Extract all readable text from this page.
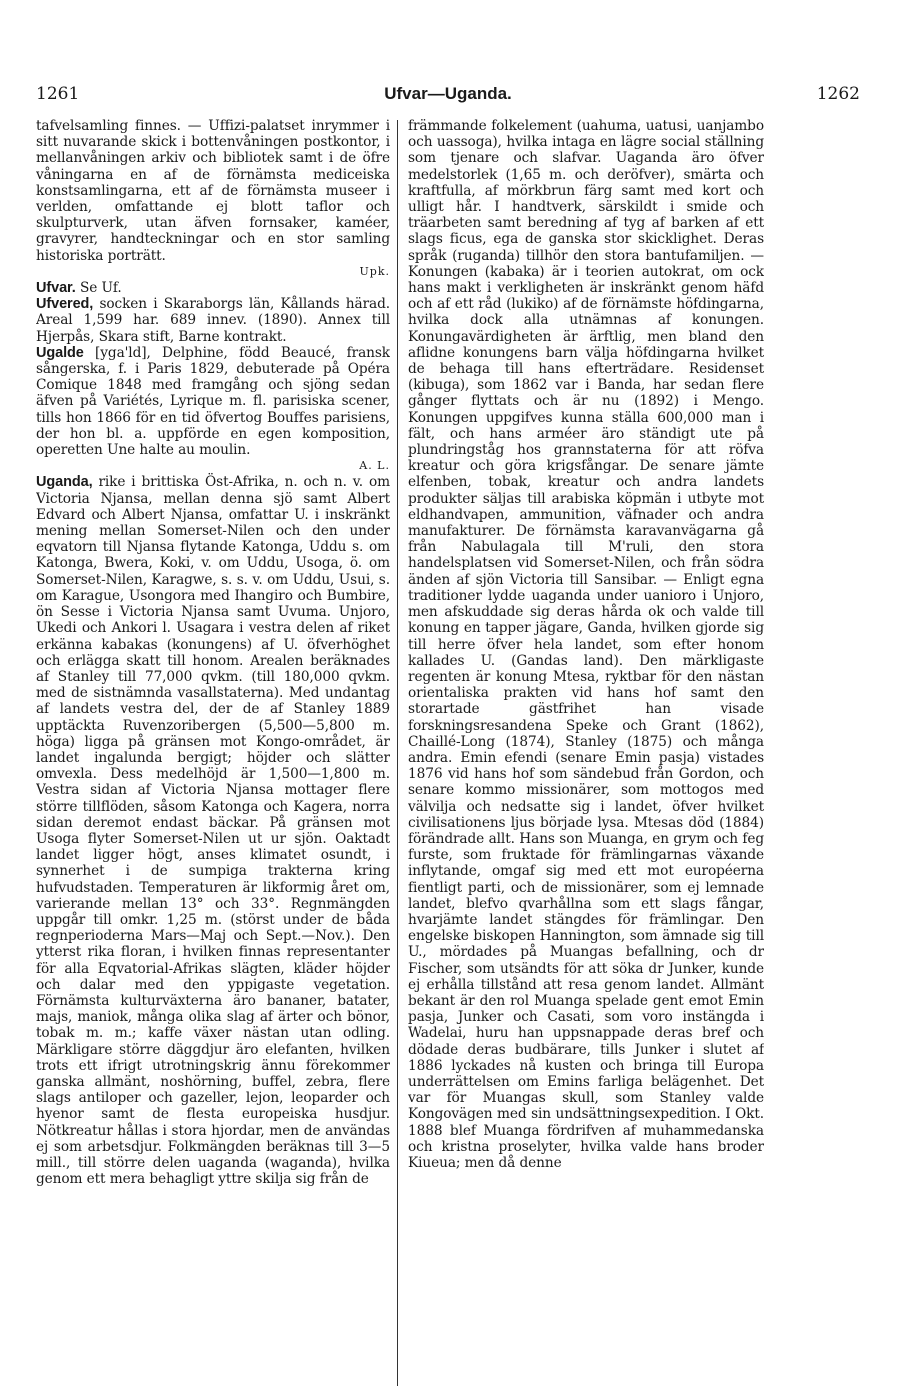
1261	Ufvar—Uganda.	1262

tafvelsamling finnes. — Uffizi-palatset inrymmer i sitt nuvarande skick i bottenvåningen postkontor, i mellanvåningen arkiv och bibliotek samt i de öfre våningarna en af de förnämsta mediceiska konstsamlingarna, ett af de förnämsta museer i verlden, omfattande ej blott taflor och skulpturverk, utan äfven fornsaker, kaméer, gravyrer, handteckningar och en stor samling historiska porträtt.
Upk.

Ufvar. Se Uf.

Ufvered, socken i Skaraborgs län, Kållands härad. Areal 1,599 har. 689 innev. (1890). Annex till Hjerpås, Skara stift, Barne kontrakt.

Ugalde [yga'ld], Delphine, född Beaucé, fransk sångerska, f. i Paris 1829, debuterade på Opéra Comique 1848 med framgång och sjöng sedan äfven på Variétés, Lyrique m. fl. parisiska scener, tills hon 1866 för en tid öfvertog Bouffes parisiens, der hon bl. a. uppförde en egen komposition, operetten Une halte au moulin.
A. L.

Uganda, rike i brittiska Öst-Afrika, n. och n. v. om Victoria Njansa, mellan denna sjö samt Albert Edvard och Albert Njansa, omfattar U. i inskränkt mening mellan Somerset-Nilen och den under eqvatorn till Njansa flytande Katonga, Uddu s. om Katonga, Bwera, Koki, v. om Uddu, Usoga, ö. om Somerset-Nilen, Karagwe, s. s. v. om Uddu, Usui, s. om Karague, Usongora med Ihangiro och Bumbire, ön Sesse i Victoria Njansa samt Uvuma. Unjoro, Ukedi och Ankori l. Usagara i vestra delen af riket erkänna kabakas (konungens) af U. öfverhöghet och erlägga skatt till honom. Arealen beräknades af Stanley till 77,000 qvkm. (till 180,000 qvkm. med de sistnämnda vasallstaterna). Med undantag af landets vestra del, der de af Stanley 1889 upptäckta Ruvenzoribergen (5,500—5,800 m. höga) ligga på gränsen mot Kongo-området, är landet ingalunda bergigt; höjder och slätter omvexla. Dess medelhöjd är 1,500—1,800 m. Vestra sidan af Victoria Njansa mottager flere större tillflöden, såsom Katonga och Kagera, norra sidan deremot endast bäckar. På gränsen mot Usoga flyter Somerset-Nilen ut ur sjön. Oaktadt landet ligger högt, anses klimatet osundt, i synnerhet i de sumpiga trakterna kring hufvudstaden. Temperaturen är likformig året om, varierande mellan 13° och 33°. Regnmängden uppgår till omkr. 1,25 m. (störst under de båda regnperioderna Mars—Maj och Sept.—Nov.). Den ytterst rika floran, i hvilken finnas representanter för alla Eqvatorial-Afrikas slägten, kläder höjder och dalar med den yppigaste vegetation. Förnämsta kulturväxterna äro bananer, batater, majs, maniok, många olika slag af ärter och bönor, tobak m. m.; kaffe växer nästan utan odling. Märkligare större däggdjur äro elefanten, hvilken trots ett ifrigt utrotningskrig ännu förekommer ganska allmänt, noshörning, buffel, zebra, flere slags antiloper och gazeller, lejon, leoparder och hyenor samt de flesta europeiska husdjur. Nötkreatur hållas i stora hjordar, men de användas ej som arbetsdjur. Folkmängden beräknas till 3—5 mill., till större delen uaganda (waganda), hvilka genom ett mera behagligt yttre skilja sig från de

främmande folkelement (uahuma, uatusi, uanjambo och uassoga), hvilka intaga en lägre social ställning som tjenare och slafvar. Uaganda äro öfver medelstorlek (1,65 m. och deröfver), smärta och kraftfulla, af mörkbrun färg samt med kort och ulligt hår. I handtverk, särskildt i smide och träarbeten samt beredning af tyg af barken af ett slags ficus, ega de ganska stor skicklighet. Deras språk (ruganda) tillhör den stora bantufamiljen. — Konungen (kabaka) är i teorien autokrat, om ock hans makt i verkligheten är inskränkt genom häfd och af ett råd (lukiko) af de förnämste höfdingarna, hvilka dock alla utnämnas af konungen. Konungavärdigheten är ärftlig, men bland den aflidne konungens barn välja höfdingarna hvilket de behaga till hans efterträdare. Residenset (kibuga), som 1862 var i Banda, har sedan flere gånger flyttats och är nu (1892) i Mengo. Konungen uppgifves kunna ställa 600,000 man i fält, och hans arméer äro ständigt ute på plundringståg hos grannstaterna för att röfva kreatur och göra krigsfångar. De senare jämte elfenben, tobak, kreatur och andra landets produkter säljas till arabiska köpmän i utbyte mot eldhandvapen, ammunition, väfnader och andra manufakturer. De förnämsta karavanvägarna gå från Nabulagala till M'ruli, den stora handelsplatsen vid Somerset-Nilen, och från södra änden af sjön Victoria till Sansibar. — Enligt egna traditioner lydde uaganda under uanioro i Unjoro, men afskuddade sig deras hårda ok och valde till konung en tapper jägare, Ganda, hvilken gjorde sig till herre öfver hela landet, som efter honom kallades U. (Gandas land). Den märkligaste regenten är konung Mtesa, ryktbar för den nästan orientaliska prakten vid hans hof samt den storartade gästfrihet han visade forskningsresandena Speke och Grant (1862), Chaillé-Long (1874), Stanley (1875) och många andra. Emin efendi (senare Emin pasja) vistades 1876 vid hans hof som sändebud från Gordon, och senare kommo missionärer, som mottogos med välvilja och nedsatte sig i landet, öfver hvilket civilisationens ljus började lysa. Mtesas död (1884) förändrade allt. Hans son Muanga, en grym och feg furste, som fruktade för främlingarnas växande inflytande, omgaf sig med ett mot européerna fientligt parti, och de missionärer, som ej lemnade landet, blefvo qvarhållna som ett slags fångar, hvarjämte landet stängdes för främlingar. Den engelske biskopen Hannington, som ämnade sig till U., mördades på Muangas befallning, och dr Fischer, som utsändts för att söka dr Junker, kunde ej erhålla tillstånd att resa genom landet. Allmänt bekant är den rol Muanga spelade gent emot Emin pasja, Junker och Casati, som voro instängda i Wadelai, huru han uppsnappade deras bref och dödade deras budbärare, tills Junker i slutet af 1886 lyckades nå kusten och bringa till Europa underrättelsen om Emins farliga belägenhet. Det var för Muangas skull, som Stanley valde Kongovägen med sin undsättningsexpedition. I Okt. 1888 blef Muanga fördrifven af muhammedanska och kristna proselyter, hvilka valde hans broder Kiueua; men då denne
